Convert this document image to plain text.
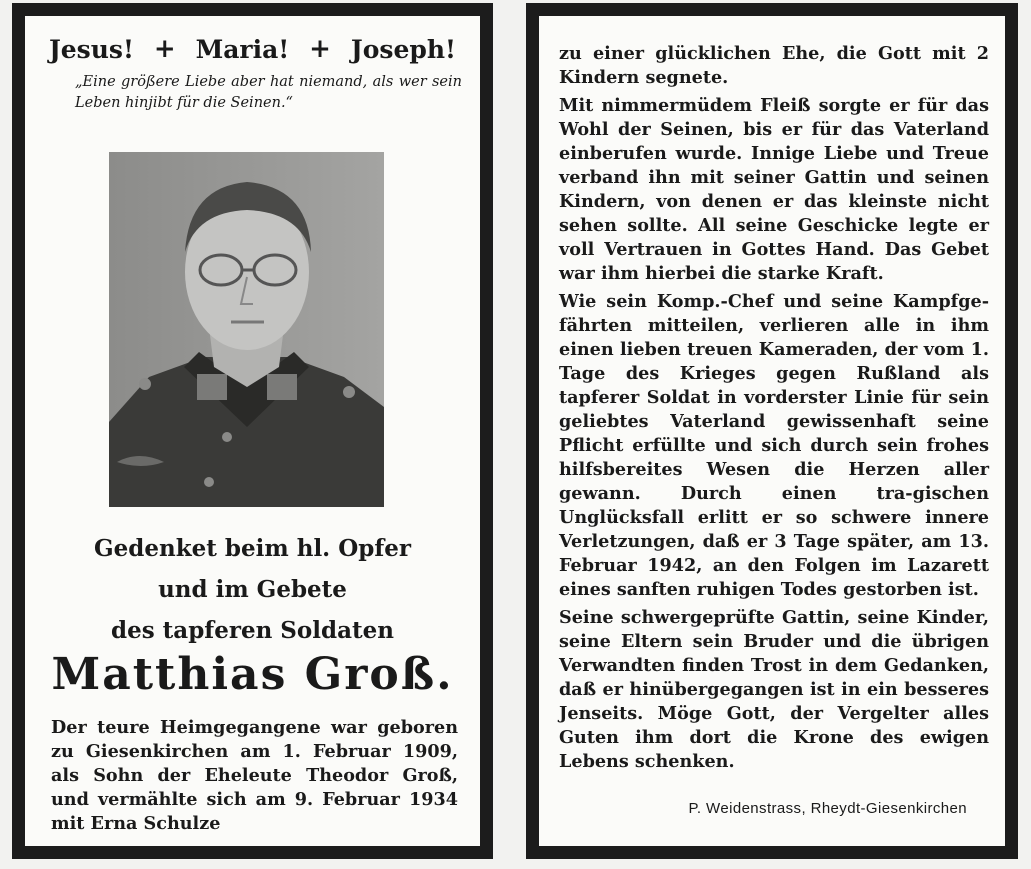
Jesus! + Maria! + Joseph!
„Eine größere Liebe aber hat niemand, als wer sein Leben hinjibt für die Seinen.“
Gedenket beim hl. Opfer
und im Gebete
des tapferen Soldaten
Matthias Groß.
Der teure Heimgegangene war geboren zu Giesenkirchen am 1. Februar 1909, als Sohn der Eheleute Theodor Groß, und vermählte sich am 9. Februar 1934 mit Erna Schulze

zu einer glücklichen Ehe, die Gott mit 2 Kindern segnete.

Mit nimmermüdem Fleiß sorgte er für das Wohl der Seinen, bis er für das Vaterland einberufen wurde. Innige Liebe und Treue verband ihn mit seiner Gattin und seinen Kindern, von denen er das kleinste nicht sehen sollte. All seine Geschicke legte er voll Vertrauen in Gottes Hand. Das Gebet war ihm hierbei die starke Kraft.

Wie sein Komp.-Chef und seine Kampfge-fährten mitteilen, verlieren alle in ihm einen lieben treuen Kameraden, der vom 1. Tage des Krieges gegen Rußland als tapferer Soldat in vorderster Linie für sein geliebtes Vaterland gewissenhaft seine Pflicht erfüllte und sich durch sein frohes hilfsbereites Wesen die Herzen aller gewann. Durch einen tra-gischen Unglücksfall erlitt er so schwere innere Verletzungen, daß er 3 Tage später, am 13. Februar 1942, an den Folgen im Lazarett eines sanften ruhigen Todes gestorben ist.

Seine schwergeprüfte Gattin, seine Kinder, seine Eltern sein Bruder und die übrigen Verwandten finden Trost in dem Gedanken, daß er hinübergegangen ist in ein besseres Jenseits. Möge Gott, der Vergelter alles Guten ihm dort die Krone des ewigen Lebens schenken.

P. Weidenstrass, Rheydt-Giesenkirchen
